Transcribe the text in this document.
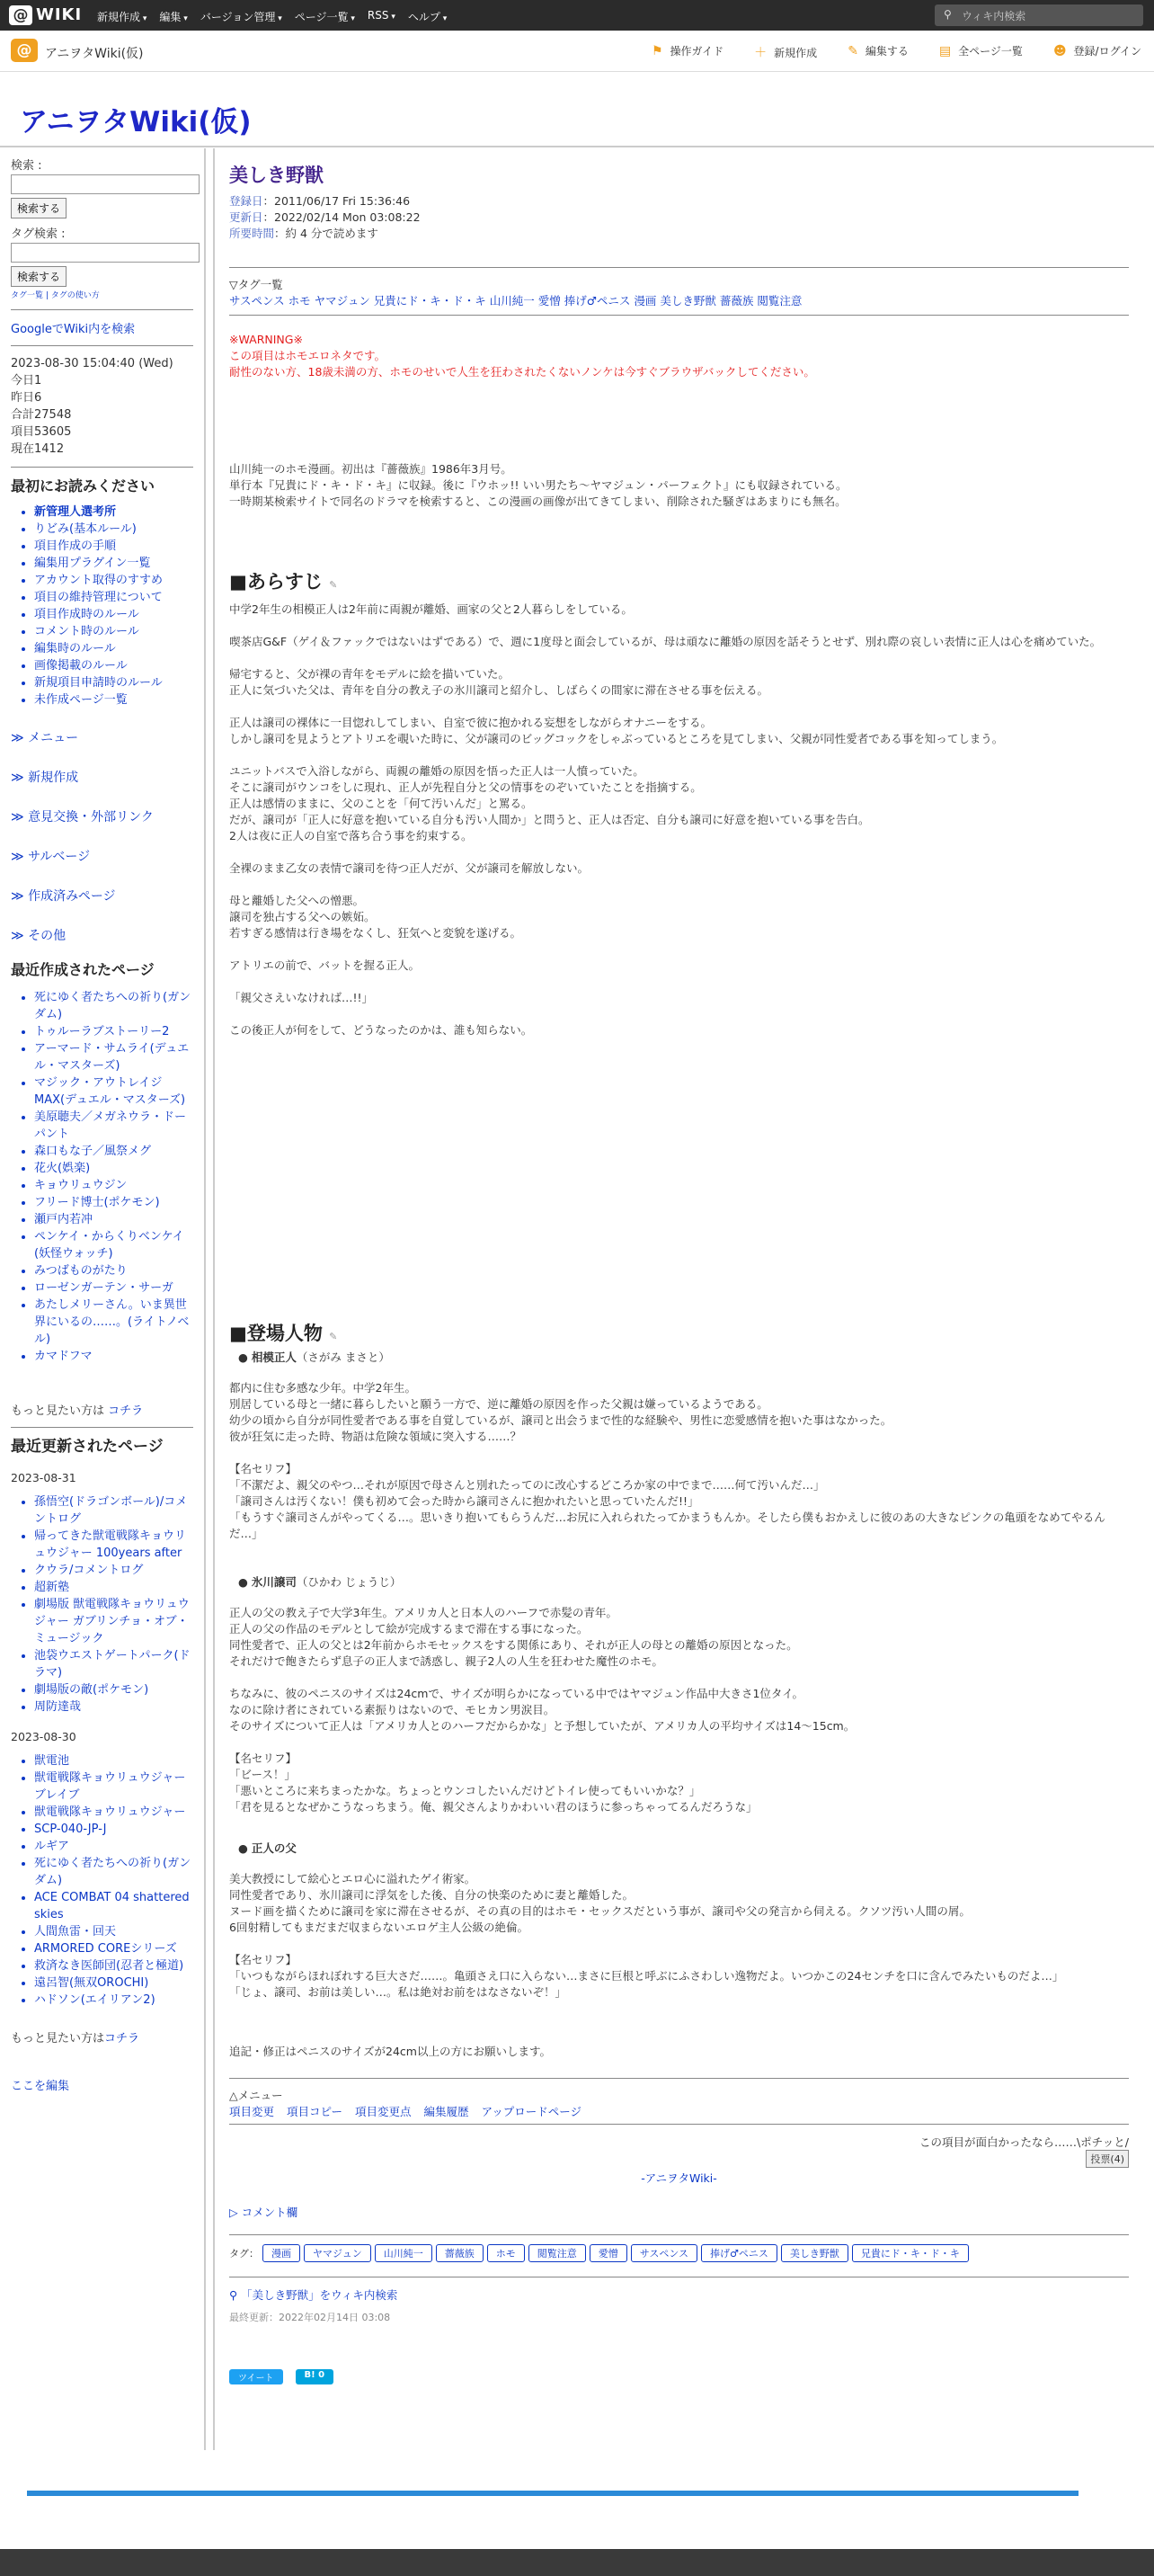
@ WIKI 新規作成 ▾	編集 ▾	バージョン管理 ▾	ページ一覧 ▾	RSS ▾	ヘルプ ▾	⚲ ウィキ内検索
@	アニヲタWiki(仮)	⚑ 操作ガイド ＋ 新規作成 ✎ 編集する ▤ 全ページ一覧 ☻ 登録/ログイン
アニヲタWiki(仮)
検索 :
検索する
タグ検索 :
検索する
タグ一覧 | タグの使い方
GoogleでWiki内を検索
2023-08-30 15:04:40 (Wed)
今日1
昨日6
合計27548
項目53605
現在1412
最初にお読みください
• 新管理人選考所
• りどみ(基本ルール)
• 項目作成の手順
• 編集用プラグイン一覧
• アカウント取得のすすめ
• 項目の維持管理について
• 項目作成時のルール
• コメント時のルール
• 編集時のルール
• 画像掲載のルール
• 新規項目申請時のルール
• 未作成ページ一覧
≫ メニュー
≫ 新規作成
≫ 意見交換・外部リンク
≫ サルベージ
≫ 作成済みページ
≫ その他
最近作成されたページ
• 死にゆく者たちへの祈り(ガンダム)
• トゥルーラブストーリー2
• アーマード・サムライ(デュエル・マスターズ)
• マジック・アウトレイジMAX(デュエル・マスターズ)
• 美原聴夫／メガネウラ・ドーパント
• 森口もな子／風祭メグ
• 花火(娯楽)
• キョウリュウジン
• フリード博士(ポケモン)
• 瀬戸内若冲
• ペンケイ・からくりベンケイ(妖怪ウォッチ)
• みつばものがたり
• ローゼンガーテン・サーガ
• あたしメリーさん。いま異世界にいるの……。(ライトノベル)
• カマドフマ
もっと見たい方は コチラ
最近更新されたページ
2023-08-31
• 孫悟空(ドラゴンボール)/コメントログ
• 帰ってきた獣電戦隊キョウリュウジャー 100years after
• クウラ/コメントログ
• 超新塾
• 劇場版 獣電戦隊キョウリュウジャー ガブリンチョ・オブ・ミュージック
• 池袋ウエストゲートパーク(ドラマ)
• 劇場版の敵(ポケモン)
• 周防達哉
2023-08-30
• 獣電池
• 獣電戦隊キョウリュウジャーブレイブ
• 獣電戦隊キョウリュウジャー
• SCP-040-JP-J
• ルギア
• 死にゆく者たちへの祈り(ガンダム)
• ACE COMBAT 04 shattered skies
• 人間魚雷・回天
• ARMORED COREシリーズ
• 救済なき医師団(忍者と極道)
• 遠呂智(無双OROCHI)
• ハドソン(エイリアン2)
もっと見たい方はコチラ
ここを編集
美しき野獣
登録日：2011/06/17 Fri 15:36:46
更新日：2022/02/14 Mon 03:08:22
所要時間：約 4 分で読めます
▽タグ一覧
サスペンス ホモ ヤマジュン 兄貴にド・キ・ド・キ 山川純一 愛憎 捧げ♂ペニス 漫画 美しき野獣 薔薇族 閲覧注意
※WARNING※
この項目はホモエロネタです。
耐性のない方、18歳未満の方、ホモのせいで人生を狂わされたくないノンケは今すぐブラウザバックしてください。
山川純一のホモ漫画。初出は『薔薇族』1986年3月号。
単行本『兄貴にド・キ・ド・キ』に収録。後に『ウホッ!! いい男たち〜ヤマジュン・パーフェクト』にも収録されている。
一時期某検索サイトで同名のドラマを検索すると、この漫画の画像が出てきてしまい、削除された騒ぎはあまりにも無名。
■あらすじ ✎
中学2年生の相模正人は2年前に両親が離婚、画家の父と2人暮らしをしている。

喫茶店G&F（ゲイ＆ファックではないはずである）で、週に1度母と面会しているが、母は頑なに離婚の原因を話そうとせず、別れ際の哀しい表情に正人は心を痛めていた。

帰宅すると、父が裸の青年をモデルに絵を描いていた。
正人に気づいた父は、青年を自分の教え子の氷川譲司と紹介し、しばらくの間家に滞在させる事を伝える。

正人は譲司の裸体に一目惚れしてしまい、自室で彼に抱かれる妄想をしながらオナニーをする。
しかし譲司を見ようとアトリエを覗いた時に、父が譲司のビッグコックをしゃぶっているところを見てしまい、父親が同性愛者である事を知ってしまう。

ユニットバスで入浴しながら、両親の離婚の原因を悟った正人は一人憤っていた。
そこに譲司がウンコをしに現れ、正人が先程自分と父の情事をのぞいていたことを指摘する。
正人は感情のままに、父のことを「何て汚いんだ」と罵る。
だが、譲司が「正人に好意を抱いている自分も汚い人間か」と問うと、正人は否定、自分も譲司に好意を抱いている事を告白。
2人は夜に正人の自室で落ち合う事を約束する。

全裸のまま乙女の表情で譲司を待つ正人だが、父が譲司を解放しない。

母と離婚した父への憎悪。
譲司を独占する父への嫉妬。
若すぎる感情は行き場をなくし、狂気へと変貌を遂げる。

アトリエの前で、バットを握る正人。

「親父さえいなければ…!!」

この後正人が何をして、どうなったのかは、誰も知らない。
■登場人物 ✎
● 相模正人（さがみ まさと）
都内に住む多感な少年。中学2年生。
別居している母と一緒に暮らしたいと願う一方で、逆に離婚の原因を作った父親は嫌っているようである。
幼少の頃から自分が同性愛者である事を自覚しているが、譲司と出会うまで性的な経験や、男性に恋愛感情を抱いた事はなかった。
彼が狂気に走った時、物語は危険な領域に突入する……？

【名セリフ】
「不潔だよ、親父のやつ…それが原因で母さんと別れたってのに改心するどころか家の中でまで……何て汚いんだ…」
「譲司さんは汚くない！僕も初めて会った時から譲司さんに抱かれたいと思っていたんだ!!」
「もうすぐ譲司さんがやってくる…。思いきり抱いてもらうんだ…お尻に入れられたってかまうもんか。そしたら僕もおかえしに彼のあの大きなピンクの亀頭をなめてやるんだ…」
● 氷川譲司（ひかわ じょうじ）
正人の父の教え子で大学3年生。アメリカ人と日本人のハーフで赤髪の青年。
正人の父の作品のモデルとして絵が完成するまで滞在する事になった。
同性愛者で、正人の父とは2年前からホモセックスをする関係にあり、それが正人の母との離婚の原因となった。
それだけで飽きたらず息子の正人まで誘惑し、親子2人の人生を狂わせた魔性のホモ。

ちなみに、彼のペニスのサイズは24cmで、サイズが明らかになっている中ではヤマジュン作品中大きさ1位タイ。
なのに除け者にされている素振りはないので、モヒカン男涙目。
そのサイズについて正人は「アメリカ人とのハーフだからかな」と予想していたが、アメリカ人の平均サイズは14〜15cm。

【名セリフ】
「ビース！」
「悪いところに来ちまったかな。ちょっとウンコしたいんだけどトイレ使ってもいいかな？」
「君を見るとなぜかこうなっちまう。俺、親父さんよりかわいい君のほうに参っちゃってるんだろうな」
● 正人の父
美大教授にして絵心とエロ心に溢れたゲイ術家。
同性愛者であり、氷川譲司に浮気をした後、自分の快楽のために妻と離婚した。
ヌード画を描くために譲司を家に滞在させるが、その真の目的はホモ・セックスだという事が、譲司や父の発言から伺える。クソツ汚い人間の屑。
6回射精してもまだまだ収まらないエロゲ主人公級の絶倫。

【名セリフ】
「いつもながらほれぼれする巨大さだ……。亀頭さえ口に入らない…まさに巨根と呼ぶにふさわしい逸物だよ。いつかこの24センチを口に含んでみたいものだよ…」
「じょ、譲司、お前は美しい…。私は絶対お前をはなさないぞ！」
追記・修正はペニスのサイズが24cm以上の方にお願いします。
△メニュー
項目変更 項目コピー 項目変更点 編集履歴 アップロードページ
この項目が面白かったなら……\ポチッと/
投票(4)
-アニヲタWiki-
▷ コメント欄
タグ： 漫画 ヤマジュン 山川純一 薔薇族 ホモ 閲覧注意 愛憎 サスペンス 捧げ♂ペニス 美しき野獣 兄貴にド・キ・ド・キ
⚲ 「美しき野獣」をウィキ内検索
最終更新：2022年02月14日 03:08
ツイート	B! 0
